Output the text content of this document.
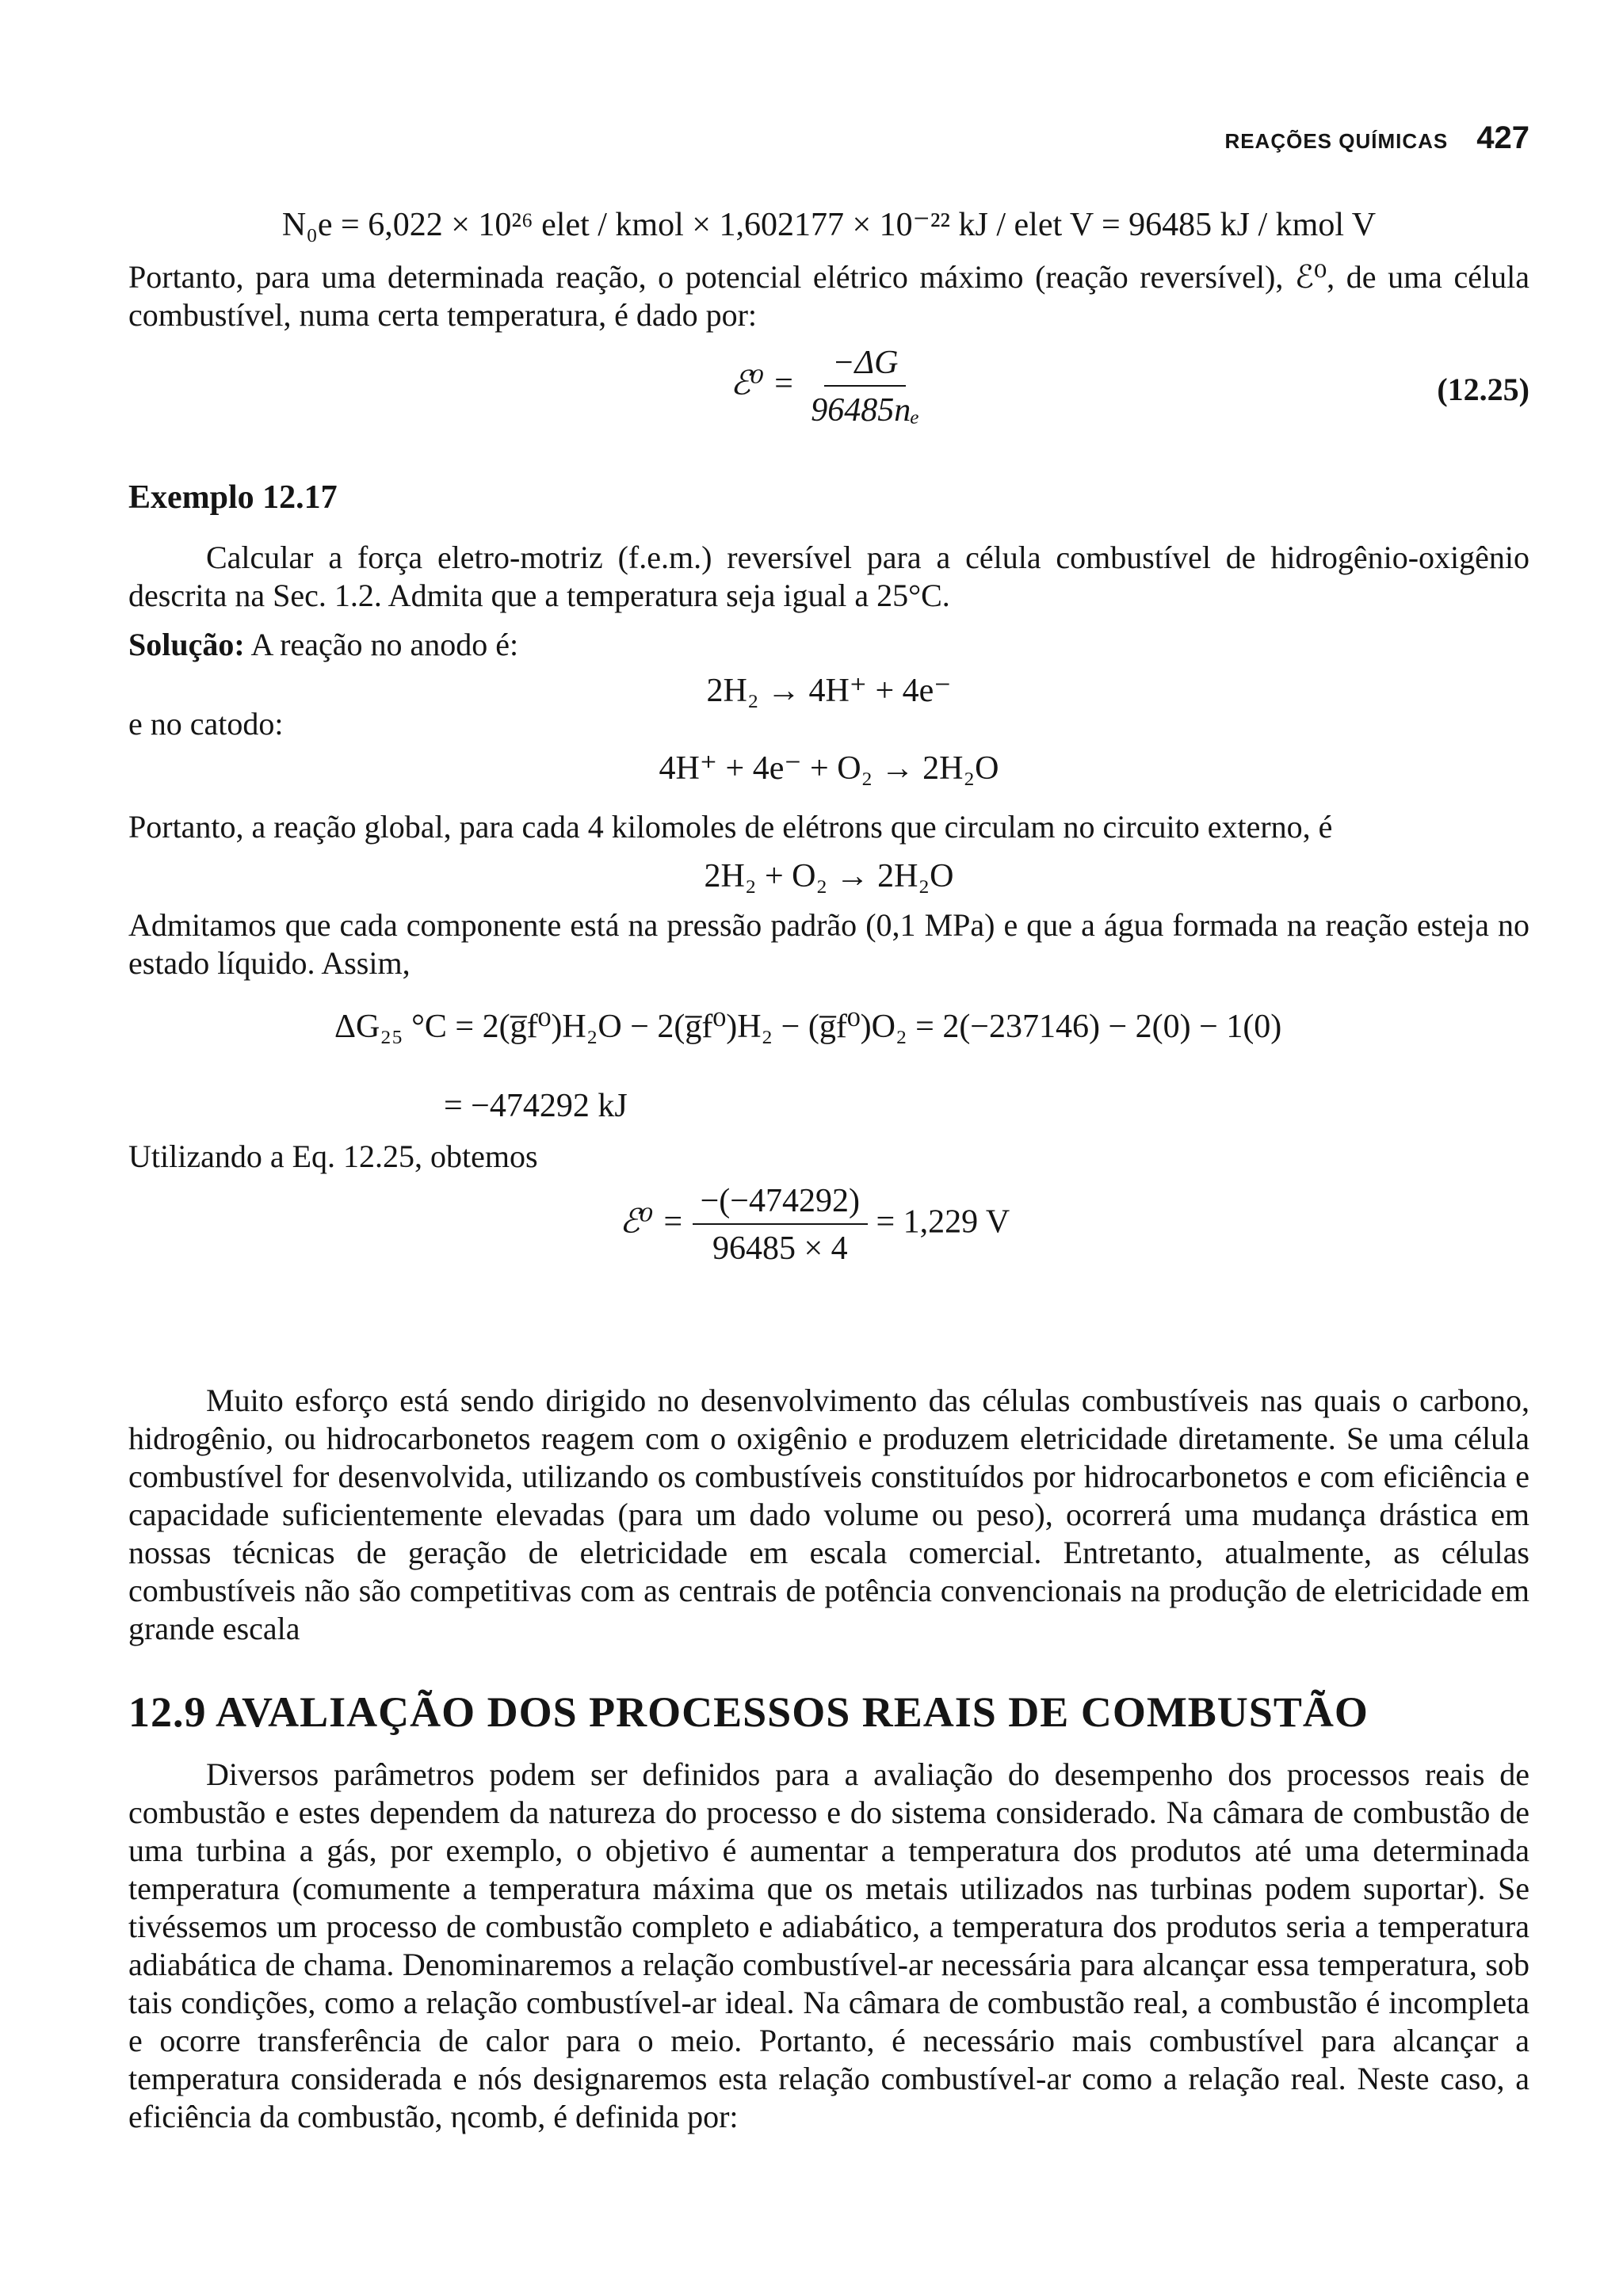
REAÇÕES QUÍMICAS 427
N₀e = 6,022 × 10²⁶ elet / kmol × 1,602177 × 10⁻²² kJ / elet V = 96485 kJ / kmol V

Portanto, para uma determinada reação, o potencial elétrico máximo (reação reversível), ℰ⁰, de uma célula combustível, numa certa temperatura, é dado por:

ℰ⁰ = $\frac{-\Delta G}{\text{96485nₑ}}$	(12.25)
Exemplo 12.17

Calcular a força eletro-motriz (f.e.m.) reversível para a célula combustível de hidrogênio-oxigênio descrita na Sec. 1.2. Admita que a temperatura seja igual a 25°C.

Solução: A reação no anodo é:

2H₂ → 4H⁺ + 4e⁻

e no catodo:

4H⁺ + 4e⁻ + O₂ → 2H₂O

Portanto, a reação global, para cada 4 kilomoles de elétrons que circulam no circuito externo, é

2H₂ + O₂ → 2H₂O

Admitamos que cada componente está na pressão padrão (0,1 MPa) e que a água formada na reação esteja no estado líquido. Assim,

ΔG₂₅ °C = 2(g̅f⁰)H₂O − 2(g̅f⁰)H₂ − (g̅f⁰)O₂ = 2(−237146) − 2(0) − 1(0)
= −474292 kJ

Utilizando a Eq. 12.25, obtemos

ℰ⁰ = $\frac{-(-474292)}{96485 \times 4} = 1,229$ V

Muito esforço está sendo dirigido no desenvolvimento das células combustíveis nas quais o carbono, hidrogênio, ou hidrocarbonetos reagem com o oxigênio e produzem eletricidade diretamente. Se uma célula combustível for desenvolvida, utilizando os combustíveis constituídos por hidrocarbonetos e com eficiência e capacidade suficientemente elevadas (para um dado volume ou peso), ocorrerá uma mudança drástica em nossas técnicas de geração de eletricidade em escala comercial. Entretanto, atualmente, as células combustíveis não são competitivas com as centrais de potência convencionais na produção de eletricidade em grande escala

12.9 AVALIAÇÃO DOS PROCESSOS REAIS DE COMBUSTÃO

Diversos parâmetros podem ser definidos para a avaliação do desempenho dos processos reais de combustão e estes dependem da natureza do processo e do sistema considerado. Na câmara de combustão de uma turbina a gás, por exemplo, o objetivo é aumentar a temperatura dos produtos até uma determinada temperatura (comumente a temperatura máxima que os metais utilizados nas turbinas podem suportar). Se tivéssemos um processo de combustão completo e adiabático, a temperatura dos produtos seria a temperatura adiabática de chama. Denominaremos a relação combustível-ar necessária para alcançar essa temperatura, sob tais condições, como a relação combustível-ar ideal. Na câmara de combustão real, a combustão é incompleta e ocorre transferência de calor para o meio. Portanto, é necessário mais combustível para alcançar a temperatura considerada e nós designaremos esta relação combustível-ar como a relação real. Neste caso, a eficiência da combustão, ηcomb, é definida por:
